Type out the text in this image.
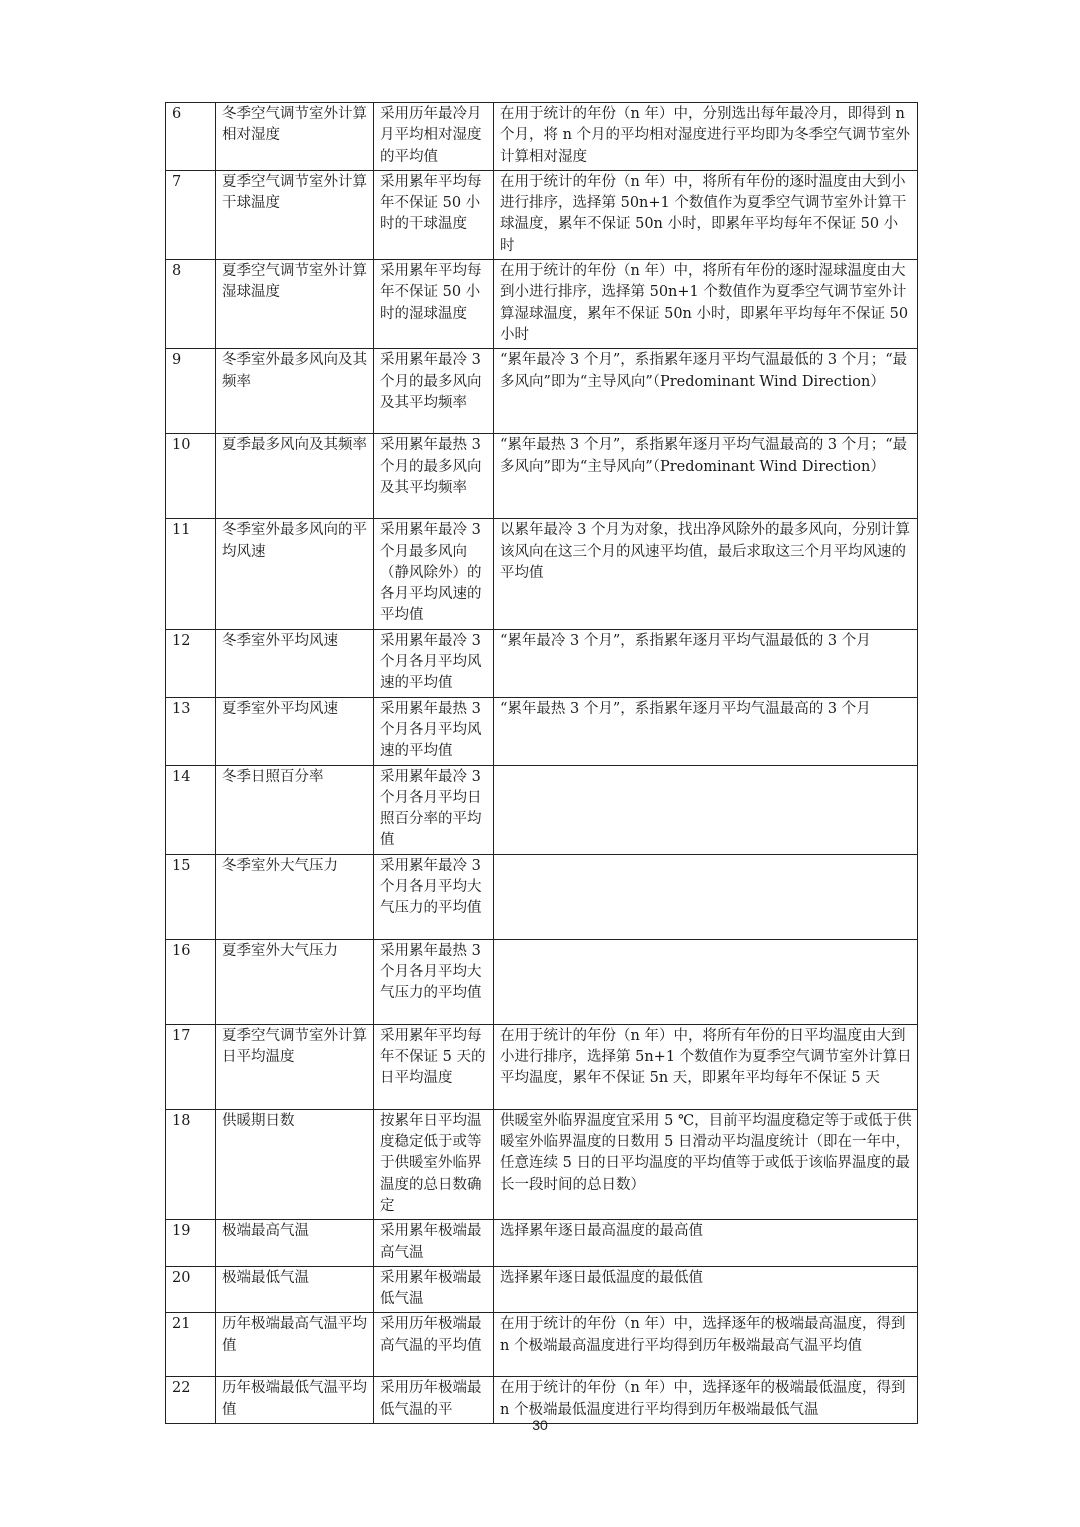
6	冬季空气调节室外计算相对湿度	采用历年最冷月月平均相对湿度的平均值	在用于统计的年份（n 年）中，分别选出每年最冷月，即得到 n 个月，将 n 个月的平均相对湿度进行平均即为冬季空气调节室外计算相对湿度
7	夏季空气调节室外计算干球温度	采用累年平均每年不保证 50 小时的干球温度	在用于统计的年份（n 年）中，将所有年份的逐时温度由大到小进行排序，选择第 50n+1 个数值作为夏季空气调节室外计算干球温度，累年不保证 50n 小时，即累年平均每年不保证 50 小时
8	夏季空气调节室外计算湿球温度	采用累年平均每年不保证 50 小时的湿球温度	在用于统计的年份（n 年）中，将所有年份的逐时湿球温度由大到小进行排序，选择第 50n+1 个数值作为夏季空气调节室外计算湿球温度，累年不保证 50n 小时，即累年平均每年不保证 50 小时
9	冬季室外最多风向及其频率	采用累年最冷 3 个月的最多风向及其平均频率	“累年最冷 3 个月”，系指累年逐月平均气温最低的 3 个月；“最多风向”即为“主导风向”（Predominant Wind Direction）
10	夏季最多风向及其频率	采用累年最热 3 个月的最多风向及其平均频率	“累年最热 3 个月”，系指累年逐月平均气温最高的 3 个月；“最多风向”即为“主导风向”（Predominant Wind Direction）
11	冬季室外最多风向的平均风速	采用累年最冷 3 个月最多风向（静风除外）的各月平均风速的平均值	以累年最冷 3 个月为对象，找出净风除外的最多风向，分别计算该风向在这三个月的风速平均值，最后求取这三个月平均风速的平均值
12	冬季室外平均风速	采用累年最冷 3 个月各月平均风速的平均值	“累年最冷 3 个月”，系指累年逐月平均气温最低的 3 个月
13	夏季室外平均风速	采用累年最热 3 个月各月平均风速的平均值	“累年最热 3 个月”，系指累年逐月平均气温最高的 3 个月
14	冬季日照百分率	采用累年最冷 3 个月各月平均日照百分率的平均值	
15	冬季室外大气压力	采用累年最冷 3 个月各月平均大气压力的平均值	
16	夏季室外大气压力	采用累年最热 3 个月各月平均大气压力的平均值	
17	夏季空气调节室外计算日平均温度	采用累年平均每年不保证 5 天的日平均温度	在用于统计的年份（n 年）中，将所有年份的日平均温度由大到小进行排序，选择第 5n+1 个数值作为夏季空气调节室外计算日平均温度，累年不保证 5n 天，即累年平均每年不保证 5 天
18	供暖期日数	按累年日平均温度稳定低于或等于供暖室外临界温度的总日数确定	供暖室外临界温度宜采用 5 ℃，目前平均温度稳定等于或低于供暖室外临界温度的日数用 5 日滑动平均温度统计（即在一年中，任意连续 5 日的日平均温度的平均值等于或低于该临界温度的最长一段时间的总日数）
19	极端最高气温	采用累年极端最高气温	选择累年逐日最高温度的最高值
20	极端最低气温	采用累年极端最低气温	选择累年逐日最低温度的最低值
21	历年极端最高气温平均值	采用历年极端最高气温的平均值	在用于统计的年份（n 年）中，选择逐年的极端最高温度，得到 n 个极端最高温度进行平均得到历年极端最高气温平均值
22	历年极端最低气温平均值	采用历年极端最低气温的平	在用于统计的年份（n 年）中，选择逐年的极端最低温度，得到 n 个极端最低温度进行平均得到历年极端最低气温
30
